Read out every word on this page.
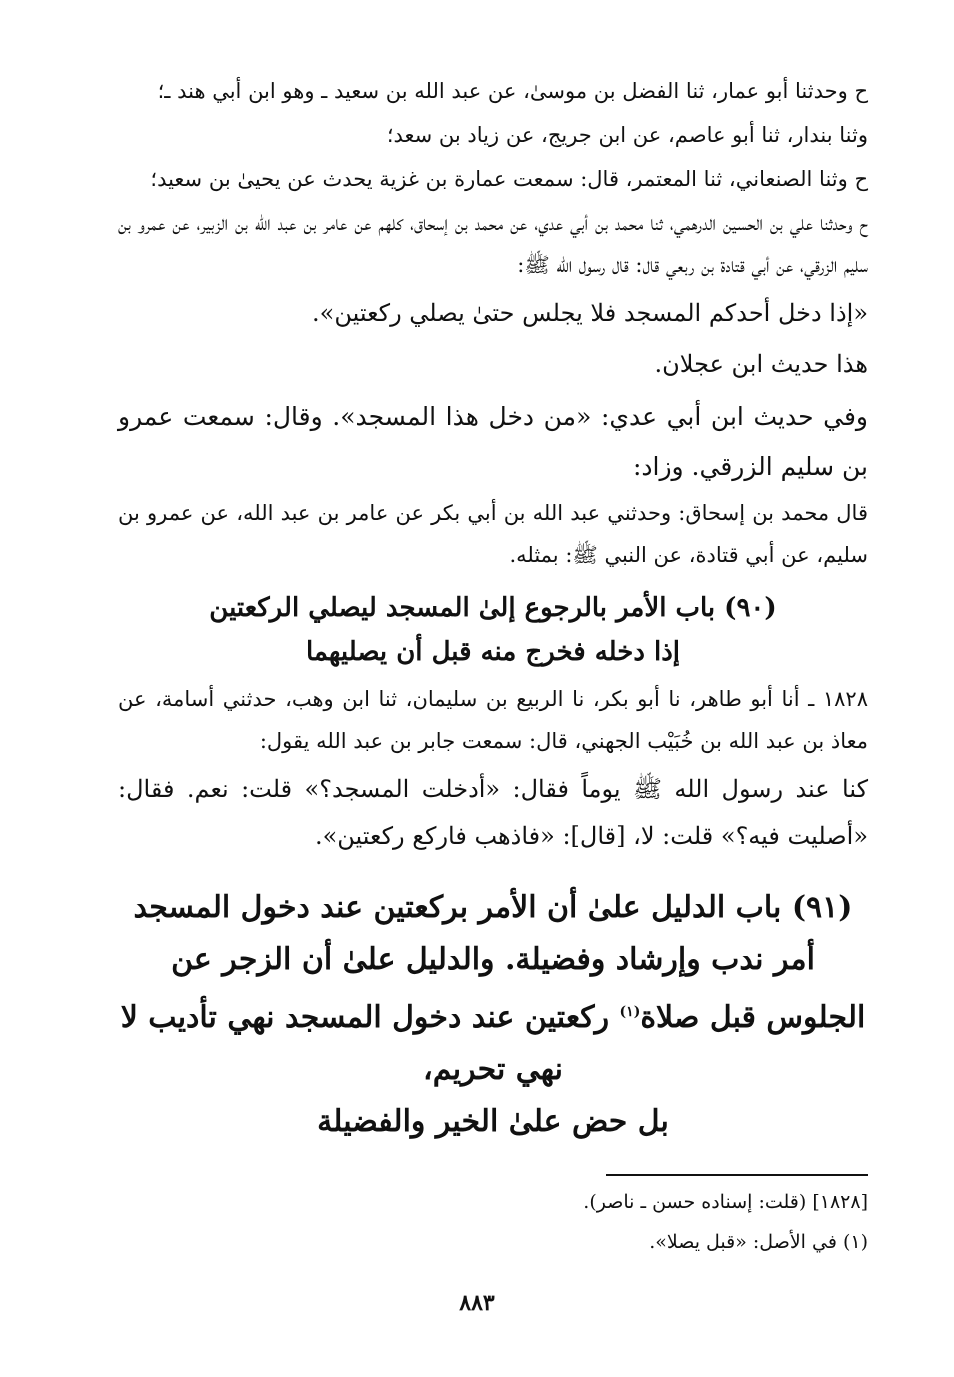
ح وحدثنا أبو عمار، ثنا الفضل بن موسىٰ، عن عبد الله بن سعيد ـ وهو ابن أبي هند ـ؛

وثنا بندار، ثنا أبو عاصم، عن ابن جريج، عن زياد بن سعد؛

ح وثنا الصنعاني، ثنا المعتمر، قال: سمعت عمارة بن غزية يحدث عن يحيىٰ بن سعيد؛

ح وحدثنا علي بن الحسين الدرهمي، ثنا محمد بن أبي عدي، عن محمد بن إسحاق، كلهم عن عامر بن عبد الله بن الزبير، عن عمرو بن سليم الزرقي، عن أبي قتادة بن ربعي قال: قال رسول الله ﷺ:

«إذا دخل أحدكم المسجد فلا يجلس حتىٰ يصلي ركعتين».

هذا حديث ابن عجلان.

وفي حديث ابن أبي عدي: «من دخل هذا المسجد». وقال: سمعت عمرو بن سليم الزرقي. وزاد:

قال محمد بن إسحاق: وحدثني عبد الله بن أبي بكر عن عامر بن عبد الله، عن عمرو بن سليم، عن أبي قتادة، عن النبي ﷺ: بمثله.

(٩٠) باب الأمر بالرجوع إلىٰ المسجد ليصلي الركعتين
إذا دخله فخرج منه قبل أن يصليهما

١٨٢٨ ـ أنا أبو طاهر، نا أبو بكر، نا الربيع بن سليمان، ثنا ابن وهب، حدثني أسامة، عن معاذ بن عبد الله بن خُبَيْب الجهني، قال: سمعت جابر بن عبد الله يقول:

كنا عند رسول الله ﷺ يوماً فقال: «أدخلت المسجد؟» قلت: نعم. فقال: «أصليت فيه؟» قلت: لا، [قال]: «فاذهب فاركع ركعتين».

(٩١) باب الدليل علىٰ أن الأمر بركعتين عند دخول المسجد أمر ندب وإرشاد وفضيلة. والدليل علىٰ أن الزجر عن الجلوس قبل صلاة$^{(١)}$ ركعتين عند دخول المسجد نهي تأديب لا نهي تحريم،
بل حض علىٰ الخير والفضيلة
[١٨٢٨] (قلت: إسناده حسن ـ ناصر).
(١) في الأصل: «قبل يصلا».
٨٨٣
